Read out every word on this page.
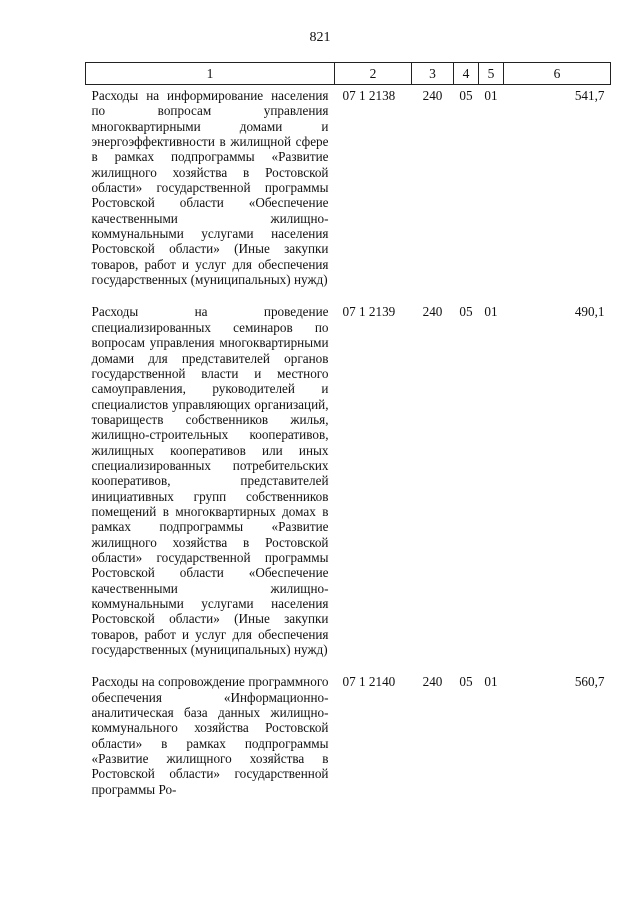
821
1	2	3	4	5	6
Расходы на информирование населения по вопросам управления многоквартирными домами и энергоэффективности в жилищной сфере в рамках подпрограммы «Развитие жилищного хозяйства в Ростовской области» государственной программы Ростовской области «Обеспечение качественными жилищно-коммунальными услугами населения Ростовской области» (Иные закупки товаров, работ и услуг для обеспечения государственных (муниципальных) нужд)	07 1 2138	240	05	01	541,7
Расходы на проведение специализированных семинаров по вопросам управления многоквартирными домами для представителей органов государственной власти и местного самоуправления, руководителей и специалистов управляющих организаций, товариществ собственников жилья, жилищно-строительных кооперативов, жилищных кооперативов или иных специализированных потребительских кооперативов, представителей инициативных групп собственников помещений в многоквартирных домах в рамках подпрограммы «Развитие жилищного хозяйства в Ростовской области» государственной программы Ростовской области «Обеспечение качественными жилищно-коммунальными услугами населения Ростовской области» (Иные закупки товаров, работ и услуг для обеспечения государственных (муниципальных) нужд)	07 1 2139	240	05	01	490,1
Расходы на сопровождение программного обеспечения «Информационно-аналитическая база данных жилищно-коммунального хозяйства Ростовской области» в рамках подпрограммы «Развитие жилищного хозяйства в Ростовской области» государственной программы Ро-	07 1 2140	240	05	01	560,7
